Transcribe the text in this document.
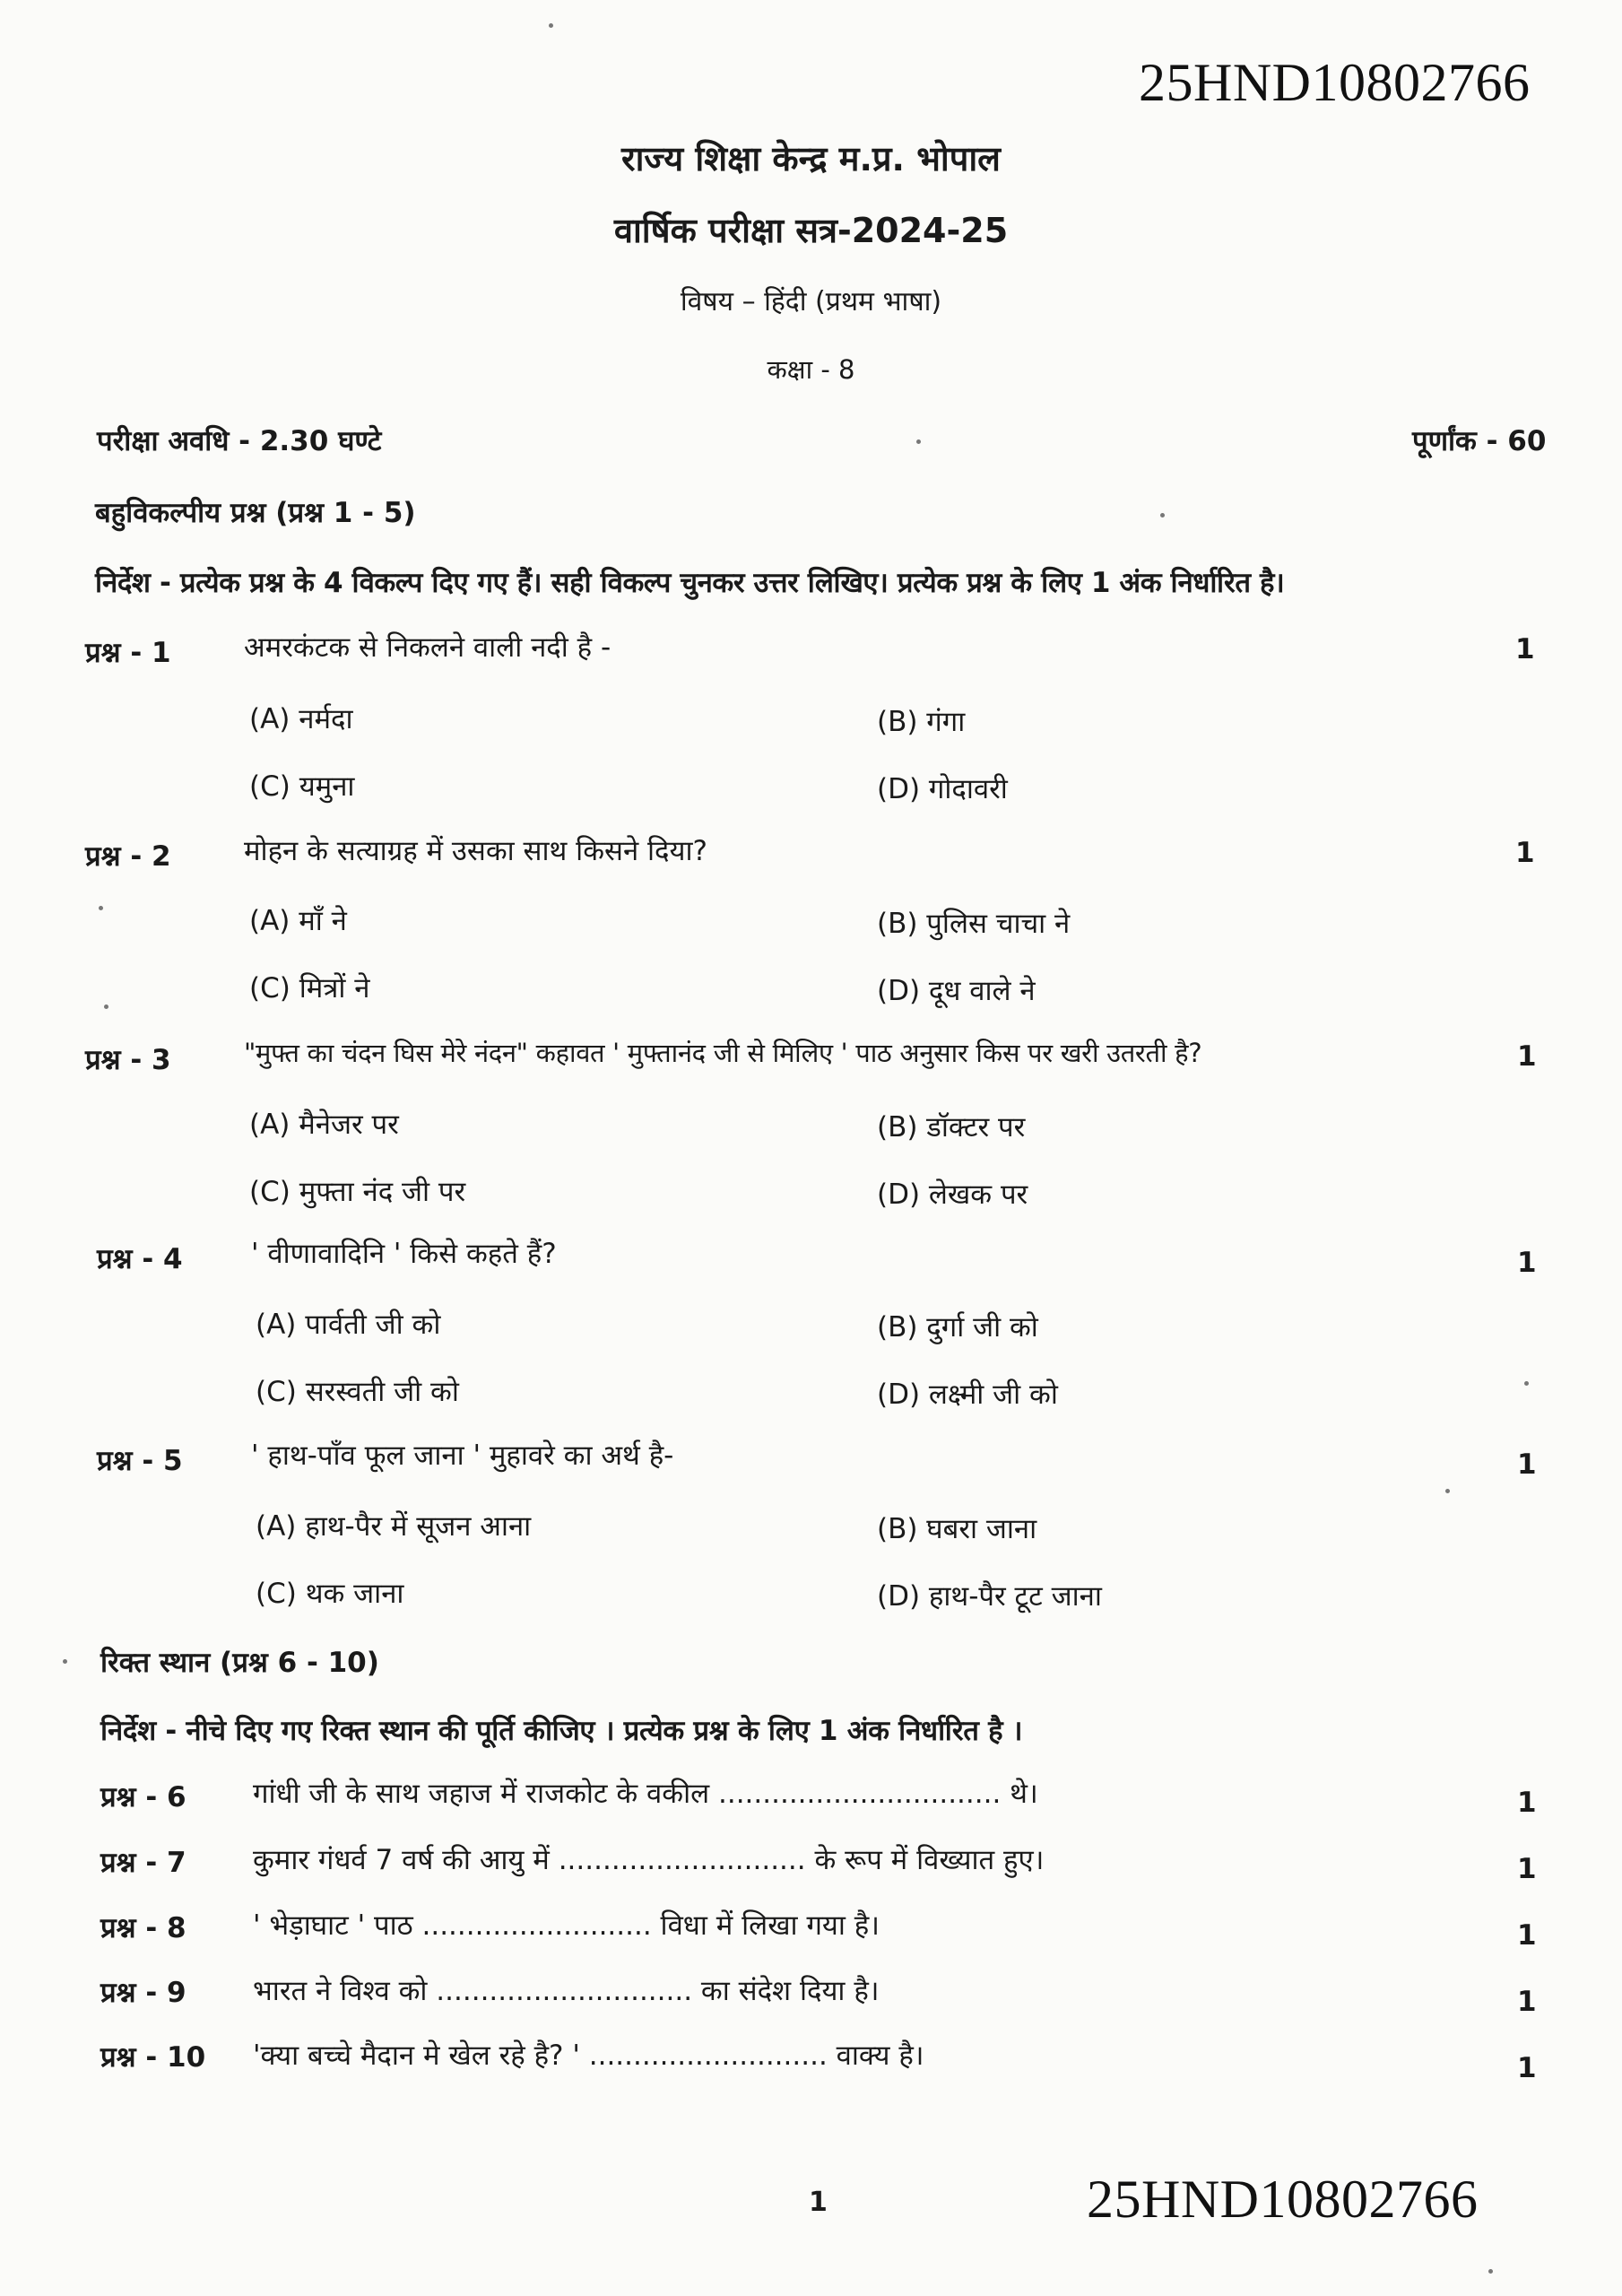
25HND10802766
राज्य शिक्षा केन्द्र म.प्र. भोपाल
वार्षिक परीक्षा सत्र-2024-25
विषय – हिंदी (प्रथम भाषा)
कक्षा - 8
परीक्षा अवधि - 2.30 घण्टे	पूर्णांक - 60
बहुविकल्पीय प्रश्न (प्रश्न 1 - 5)
निर्देश - प्रत्येक प्रश्न के 4 विकल्प दिए गए हैं। सही विकल्प चुनकर उत्तर लिखिए। प्रत्येक प्रश्न के लिए 1 अंक निर्धारित है।
प्रश्न - 1	अमरकंटक से निकलने वाली नदी है -	1
(A) नर्मदा	(B) गंगा
(C) यमुना	(D) गोदावरी
प्रश्न - 2	मोहन के सत्याग्रह में उसका साथ किसने दिया?	1
(A) माँ ने	(B) पुलिस चाचा ने
(C) मित्रों ने	(D) दूध वाले ने
प्रश्न - 3	"मुफ्त का चंदन घिस मेरे नंदन" कहावत ' मुफ्तानंद जी से मिलिए ' पाठ अनुसार किस पर खरी उतरती है?	1
(A) मैनेजर पर	(B) डॉक्टर पर
(C) मुफ्ता नंद जी पर	(D) लेखक पर
प्रश्न - 4 ' वीणावादिनि ' किसे कहते हैं?	1
(A) पार्वती जी को	(B) दुर्गा जी को
(C) सरस्वती जी को	(D) लक्ष्मी जी को
प्रश्न - 5 ' हाथ-पाँव फूल जाना ' मुहावरे का अर्थ है-	1
(A) हाथ-पैर में सूजन आना	(B) घबरा जाना
(C) थक जाना	(D) हाथ-पैर टूट जाना
रिक्त स्थान (प्रश्न 6 - 10)
निर्देश - नीचे दिए गए रिक्त स्थान की पूर्ति कीजिए । प्रत्येक प्रश्न के लिए 1 अंक निर्धारित है ।
प्रश्न - 6 गांधी जी के साथ जहाज में राजकोट के वकील ................................ थे।	1
प्रश्न - 7 कुमार गंधर्व 7 वर्ष की आयु में ............................ के रूप में विख्यात हुए।	1
प्रश्न - 8 ' भेड़ाघाट ' पाठ .......................... विधा में लिखा गया है।	1
प्रश्न - 9 भारत ने विश्व को ............................. का संदेश दिया है।	1
प्रश्न - 10 'क्या बच्चे मैदान मे खेल रहे है? ' ........................... वाक्य है।	1
1	25HND10802766
